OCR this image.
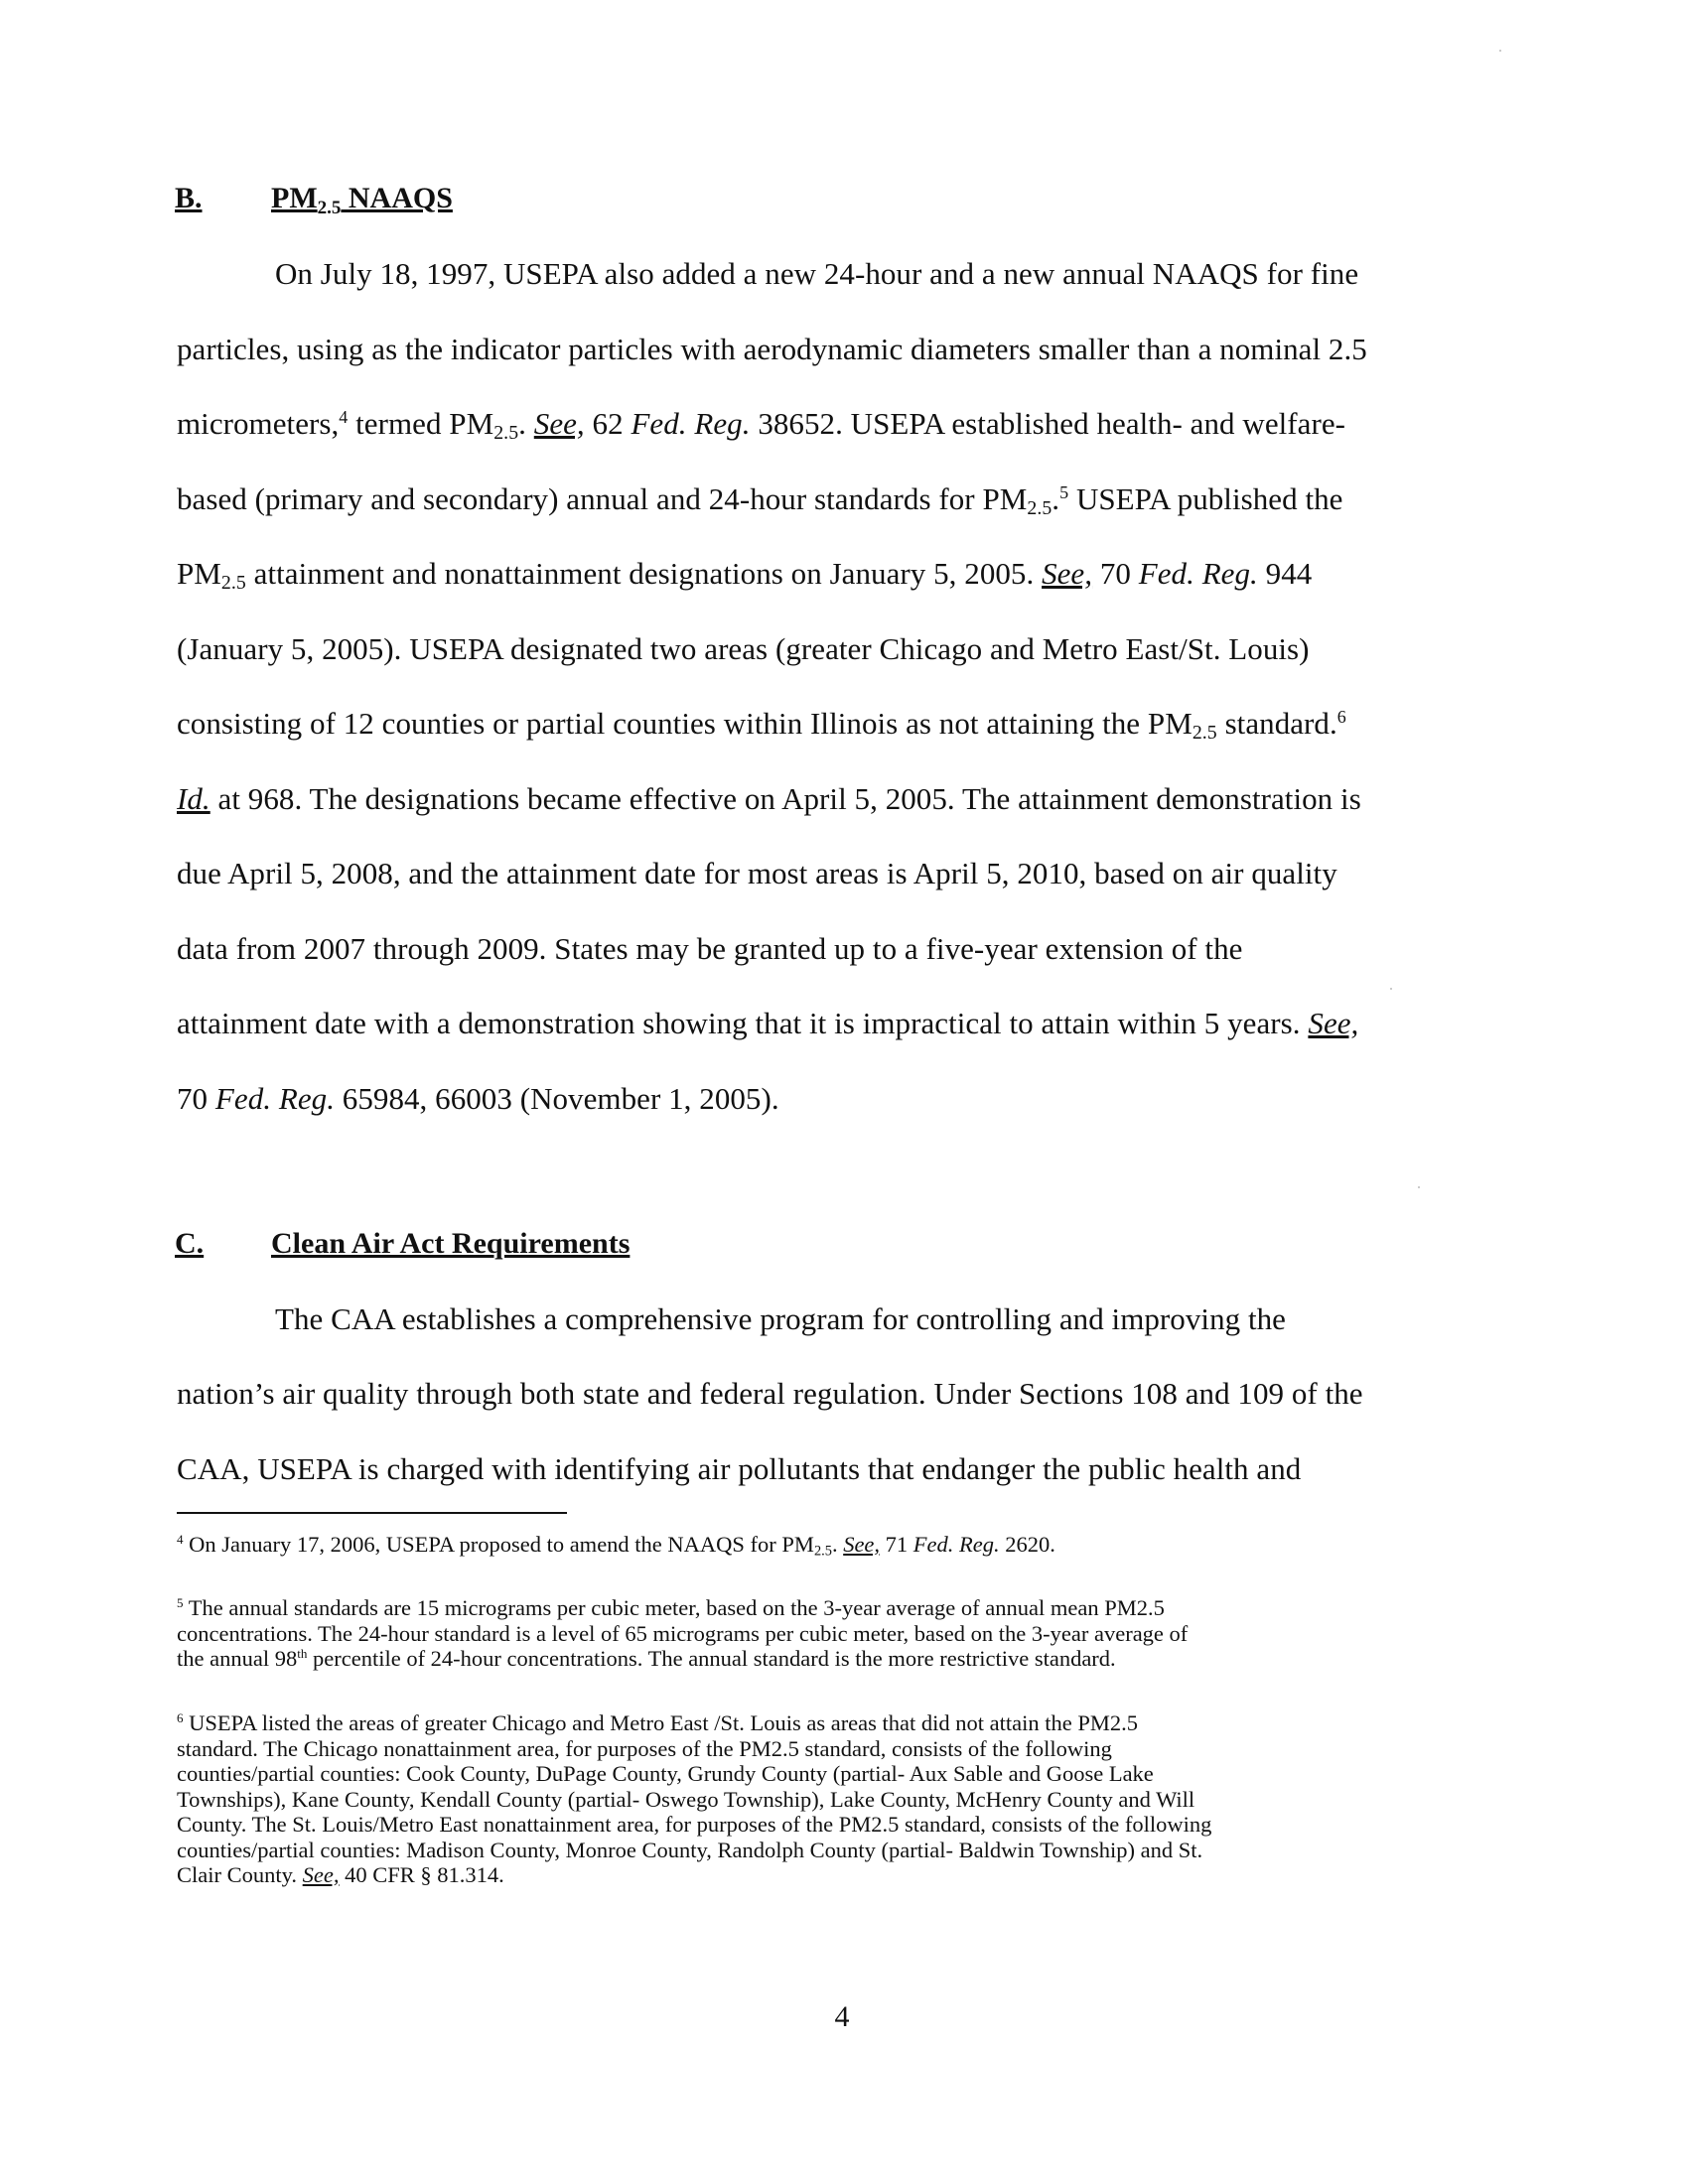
B. $PM_{2.5}$ NAAQS
On July 18, 1997, USEPA also added a new 24-hour and a new annual NAAQS for fine
particles, using as the indicator particles with aerodynamic diameters smaller than a nominal 2.5
micrometers,$^4$ termed $PM_{2.5}$. See, 62 Fed. Reg. 38652. USEPA established health- and welfare-
based (primary and secondary) annual and 24-hour standards for $PM_{2.5}.^5$ USEPA published the
$PM_{2.5}$ attainment and nonattainment designations on January 5, 2005. See, 70 Fed. Reg. 944
(January 5, 2005). USEPA designated two areas (greater Chicago and Metro East/St. Louis)
consisting of 12 counties or partial counties within Illinois as not attaining the $PM_{2.5}$ standard.$^6$
Id. at 968. The designations became effective on April 5, 2005. The attainment demonstration is
due April 5, 2008, and the attainment date for most areas is April 5, 2010, based on air quality
data from 2007 through 2009. States may be granted up to a five-year extension of the
attainment date with a demonstration showing that it is impractical to attain within 5 years. See,
70 Fed. Reg. 65984, 66003 (November 1, 2005).
C. Clean Air Act Requirements
The CAA establishes a comprehensive program for controlling and improving the
nation’s air quality through both state and federal regulation. Under Sections 108 and 109 of the
CAA, USEPA is charged with identifying air pollutants that endanger the public health and
$^4$ On January 17, 2006, USEPA proposed to amend the NAAQS for $PM_{2.5}$. See, 71 Fed. Reg. 2620.
$^5$ The annual standards are 15 micrograms per cubic meter, based on the 3-year average of annual mean PM2.5
concentrations. The 24-hour standard is a level of 65 micrograms per cubic meter, based on the 3-year average of
the annual 98th percentile of 24-hour concentrations. The annual standard is the more restrictive standard.
$^6$ USEPA listed the areas of greater Chicago and Metro East /St. Louis as areas that did not attain the PM2.5
standard. The Chicago nonattainment area, for purposes of the PM2.5 standard, consists of the following
counties/partial counties: Cook County, DuPage County, Grundy County (partial- Aux Sable and Goose Lake
Townships), Kane County, Kendall County (partial- Oswego Township), Lake County, McHenry County and Will
County. The St. Louis/Metro East nonattainment area, for purposes of the PM2.5 standard, consists of the following
counties/partial counties: Madison County, Monroe County, Randolph County (partial- Baldwin Township) and St.
Clair County. See, 40 CFR § 81.314.
4
